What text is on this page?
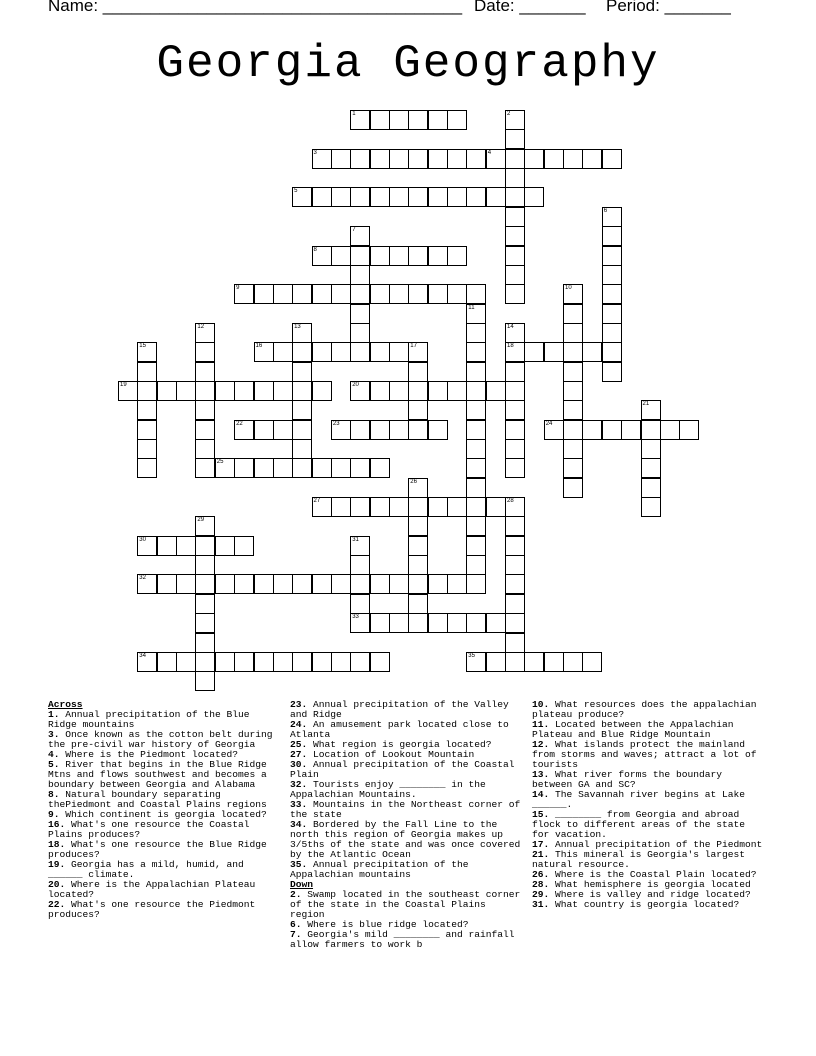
Name: ______________________________________ Date: _______ Period: _______
Georgia Geography
1	2
3	4
5
6
7
8
9	10
11
12	13	14
18
15	16	17
19	20
21
22	23	24
25
26
27	28
29
30	31
32
33
34	35
Across
1. Annual precipitation of the Blue Ridge mountains
3. Once known as the cotton belt during the pre-civil war history of Georgia
4. Where is the Piedmont located?
5. River that begins in the Blue Ridge Mtns and flows southwest and becomes a boundary between Georgia and Alabama
8. Natural boundary separating thePiedmont and Coastal Plains regions
9. Which continent is georgia located?
16. What's one resource the Coastal Plains produces?
18. What's one resource the Blue Ridge produces?
19. Georgia has a mild, humid, and ______ climate.
20. Where is the Appalachian Plateau located?
22. What's one resource the Piedmont produces?
23. Annual precipitation of the Valley and Ridge
24. An amusement park located close to Atlanta
25. What region is georgia located?
27. Location of Lookout Mountain
30. Annual precipitation of the Coastal Plain
32. Tourists enjoy ________ in the Appalachian Mountains.
33. Mountains in the Northeast corner of the state
34. Bordered by the Fall Line to the north this region of Georgia makes up 3/5ths of the state and was once covered by the Atlantic Ocean
35. Annual precipitation of the Appalachian mountains
Down
2. Swamp located in the southeast corner of the state in the Coastal Plains region
6. Where is blue ridge located?
7. Georgia's mild ________ and rainfall allow farmers to work b
10. What resources does the appalachian plateau produce?
11. Located between the Appalachian Plateau and Blue Ridge Mountain
12. What islands protect the mainland from storms and waves; attract a lot of tourists
13. What river forms the boundary between GA and SC?
14. The Savannah river begins at Lake ______.
15. ________ from Georgia and abroad flock to different areas of the state for vacation.
17. Annual precipitation of the Piedmont
21. This mineral is Georgia's largest natural resource.
26. Where is the Coastal Plain located?
28. What hemisphere is georgia located
29. Where is valley and ridge located?
31. What country is georgia located?
